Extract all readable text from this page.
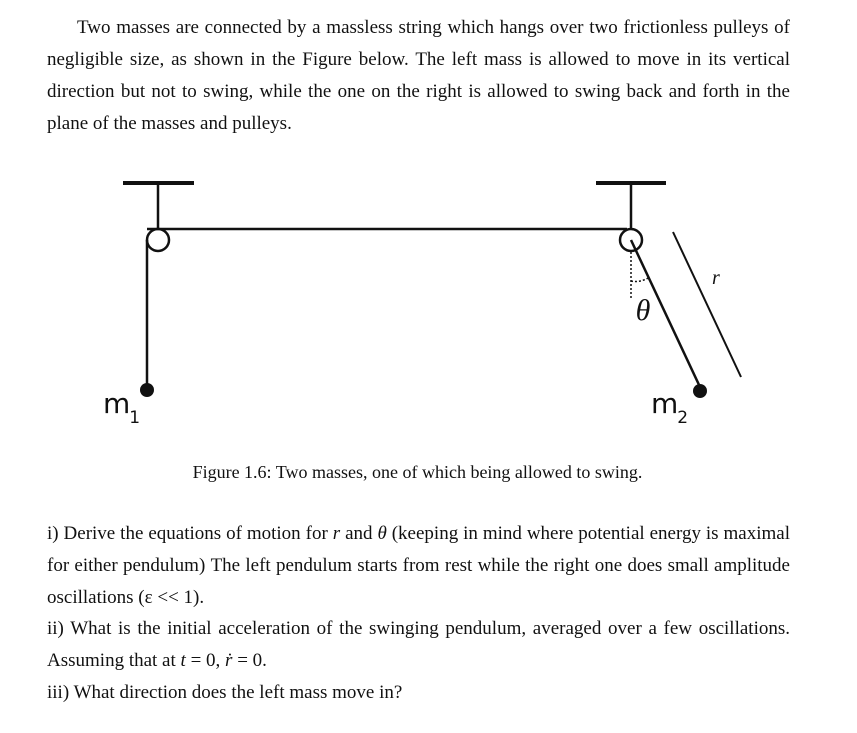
Two masses are connected by a massless string which hangs over two frictionless pulleys of negligible size, as shown in the Figure below. The left mass is allowed to move in its vertical direction but not to swing, while the one on the right is allowed to swing back and forth in the plane of the masses and pulleys.

m1	m2
θ
r

Figure 1.6: Two masses, one of which being allowed to swing.

i) Derive the equations of motion for r and θ (keeping in mind where potential energy is maximal for either pendulum) The left pendulum starts from rest while the right one does small amplitude oscillations (ε << 1).

ii) What is the initial acceleration of the swinging pendulum, averaged over a few oscillations. Assuming that at t = 0, ṙ = 0.

iii) What direction does the left mass move in?
